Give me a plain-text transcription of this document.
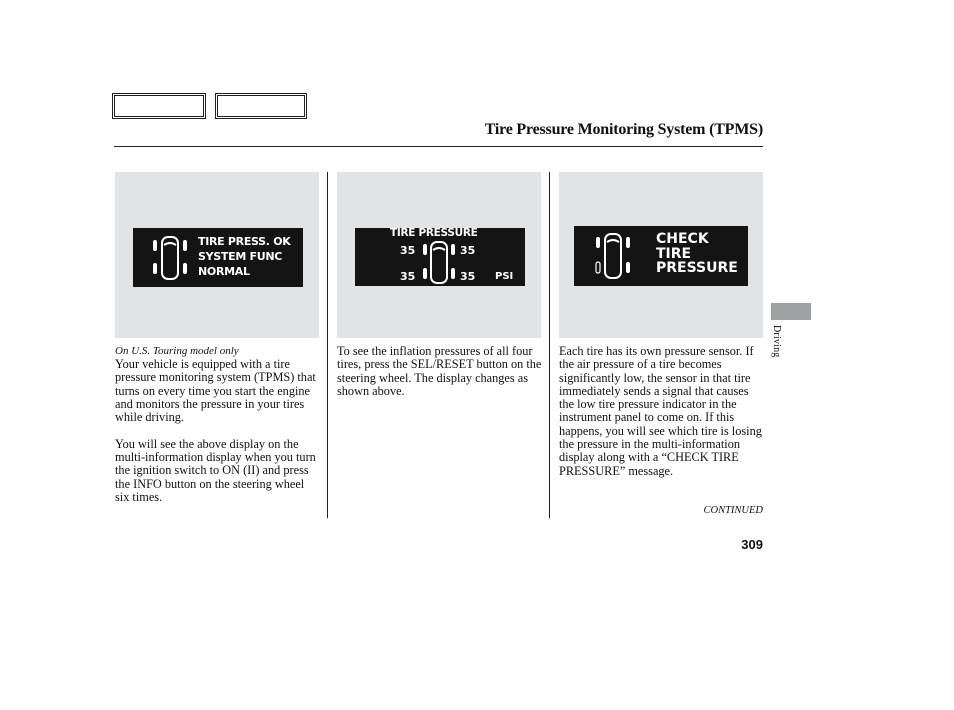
Tire Pressure Monitoring System (TPMS)
TIRE PRESS. OK
SYSTEM FUNC
NORMAL
TIRE PRESSURE
35	35
35	35 PSI
CHECK
TIRE
PRESSURE

On U.S. Touring model only

Your vehicle is equipped with a tire pressure monitoring system (TPMS) that turns on every time you start the engine and monitors the pressure in your tires while driving.

You will see the above display on the multi-information display when you turn the ignition switch to ON (II) and press the INFO button on the steering wheel six times.

To see the inflation pressures of all four tires, press the SEL/RESET button on the steering wheel. The display changes as shown above.

Each tire has its own pressure sensor. If the air pressure of a tire becomes significantly low, the sensor in that tire immediately sends a signal that causes the low tire pressure indicator in the instrument panel to come on. If this happens, you will see which tire is losing the pressure in the multi-information display along with a “CHECK TIRE PRESSURE” message.

CONTINUED
309
Driving
